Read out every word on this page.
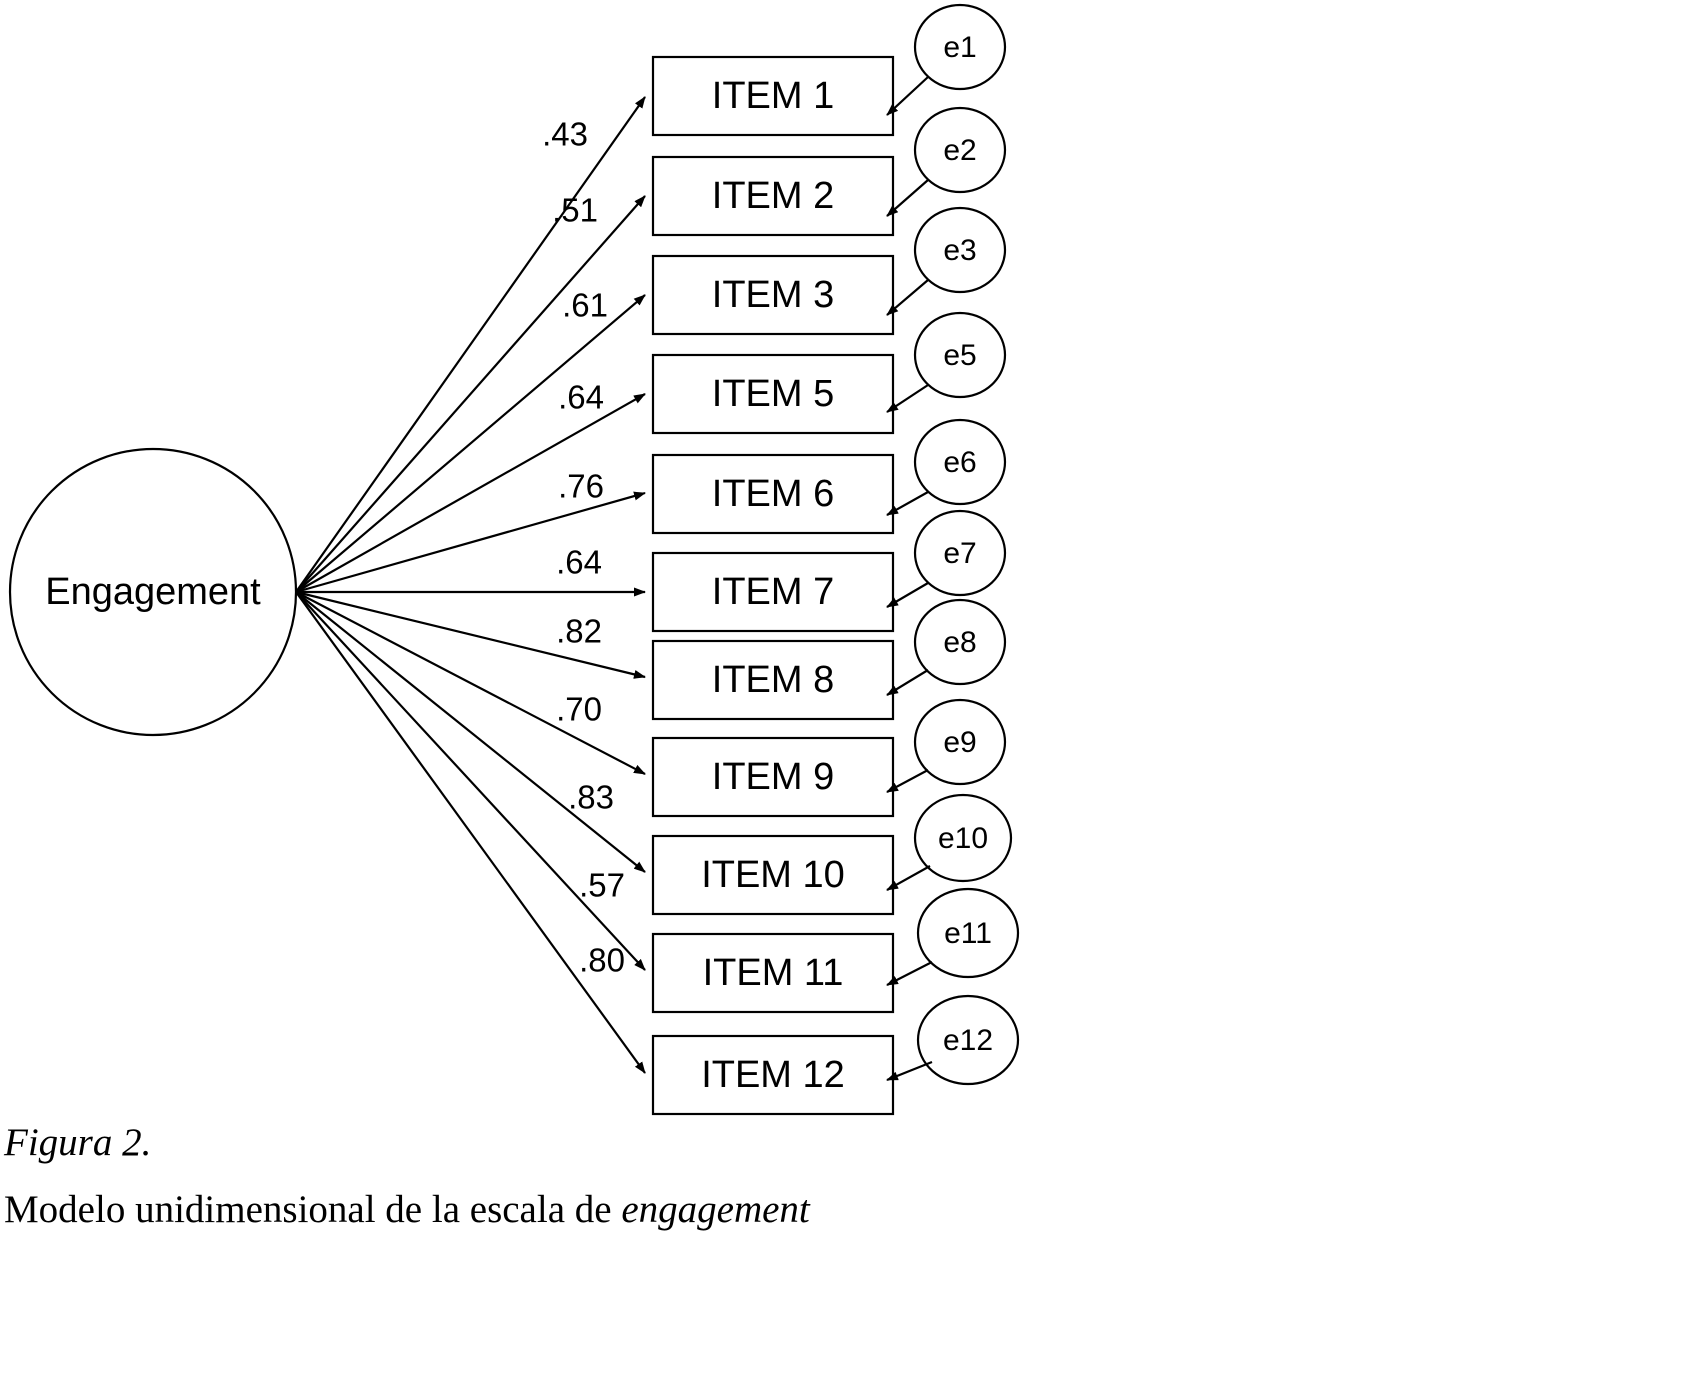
Engagement
.43
.51
.61
.64
.76
.64
.82
.70
.83
.57
.80
ITEM 1
ITEM 2
ITEM 3
ITEM 5
ITEM 6
ITEM 7
ITEM 8
ITEM 9
ITEM 10
ITEM 11
ITEM 12
e1
e2
e3
e5
e6
e7
e8
e9
e10
e11
e12
Figura 2.
Modelo unidimensional de la escala de engagement
